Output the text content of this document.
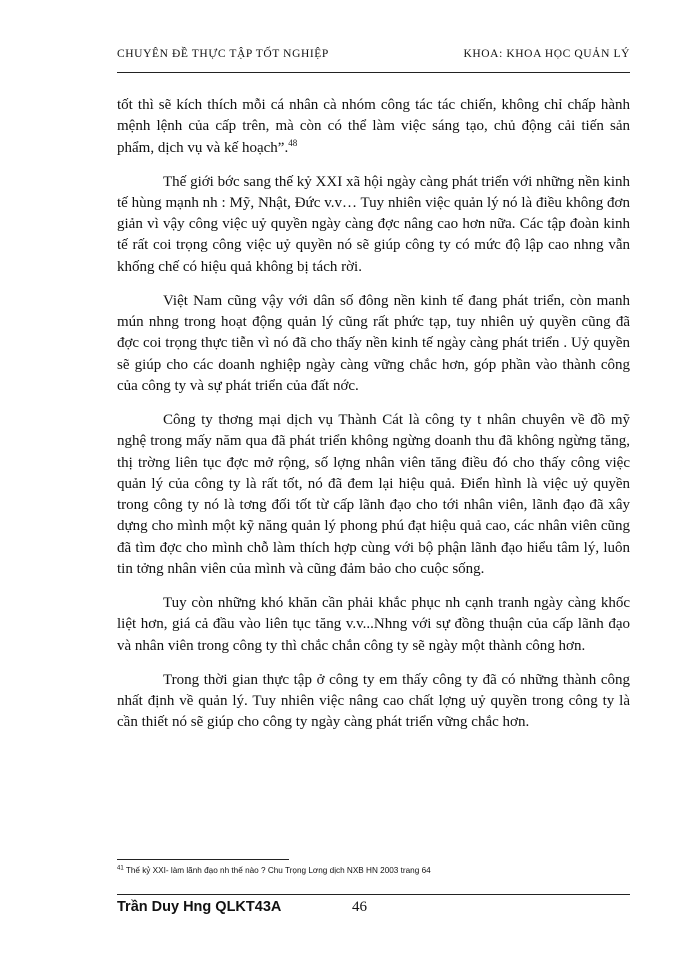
CHUYÊN ĐỀ THỰC TẬP TỐT NGHIỆP	KHOA: KHOA HỌC QUẢN LÝ

tốt thì sẽ kích thích mỗi cá nhân cà nhóm công tác tác chiến, không chỉ chấp hành mệnh lệnh của cấp trên, mà còn có thể làm việc sáng tạo, chủ động cải tiến sản phẩm, dịch vụ và kế hoạch”.$^{48}$

Thế giới bớc sang thế kỷ XXI xã hội ngày càng phát triển với những nền kinh tế hùng mạnh nh : Mỹ, Nhật, Đức v.v… Tuy nhiên việc quản lý nó là điều không đơn giản vì vậy công việc uỷ quyền ngày càng đợc nâng cao hơn nữa. Các tập đoàn kinh tế rất coi trọng công việc uỷ quyền nó sẽ giúp công ty có mức độ lập cao nhng vẫn khống chế có hiệu quả không bị tách rời.

Việt Nam cũng vậy với dân số đông nền kinh tế đang phát triển, còn manh mún nhng trong hoạt động quản lý cũng rất phức tạp, tuy nhiên uỷ quyền cũng đã đợc coi trọng thực tiễn vì nó đã cho thấy nền kinh tế ngày càng phát triển . Uỷ quyền sẽ giúp cho các doanh nghiệp ngày càng vững chắc hơn, góp phần vào thành công của công ty và sự phát triển của đất nớc.

Công ty thơng mại dịch vụ Thành Cát là công ty t nhân chuyên về đồ mỹ nghệ trong mấy năm qua đã phát triển không ngừng doanh thu đã không ngừng tăng, thị trờng liên tục đợc mở rộng, số lợng nhân viên tăng điều đó cho thấy công việc quản lý của công ty là rất tốt, nó đã đem lại hiệu quả. Điển hình là việc uỷ quyền trong công ty nó là tơng đối tốt từ cấp lãnh đạo cho tới nhân viên, lãnh đạo đã xây dựng cho mình một kỹ năng quản lý phong phú đạt hiệu quả cao, các nhân viên cũng đã tìm đợc cho mình chỗ làm thích hợp cùng với bộ phận lãnh đạo hiểu tâm lý, luôn tin tởng nhân viên của mình và cũng đảm bảo cho cuộc sống.

Tuy còn những khó khăn cần phải khắc phục nh cạnh tranh ngày càng khốc liệt hơn, giá cả đầu vào liên tục tăng v.v...Nhng với sự đồng thuận của cấp lãnh đạo và nhân viên trong công ty thì chắc chắn công ty sẽ ngày một thành công hơn.

Trong thời gian thực tập ở công ty em thấy công ty đã có những thành công nhất định về quản lý. Tuy nhiên việc nâng cao chất lợng uỷ quyền trong công ty là cần thiết nó sẽ giúp cho công ty ngày càng phát triển vững chắc hơn.

$^{41}$ Thế kỷ XXI- làm lãnh đạo nh thế nào ? Chu Trọng Lơng dịch NXB HN 2003 trang 64
Trần Duy Hng QLKT43A	46
